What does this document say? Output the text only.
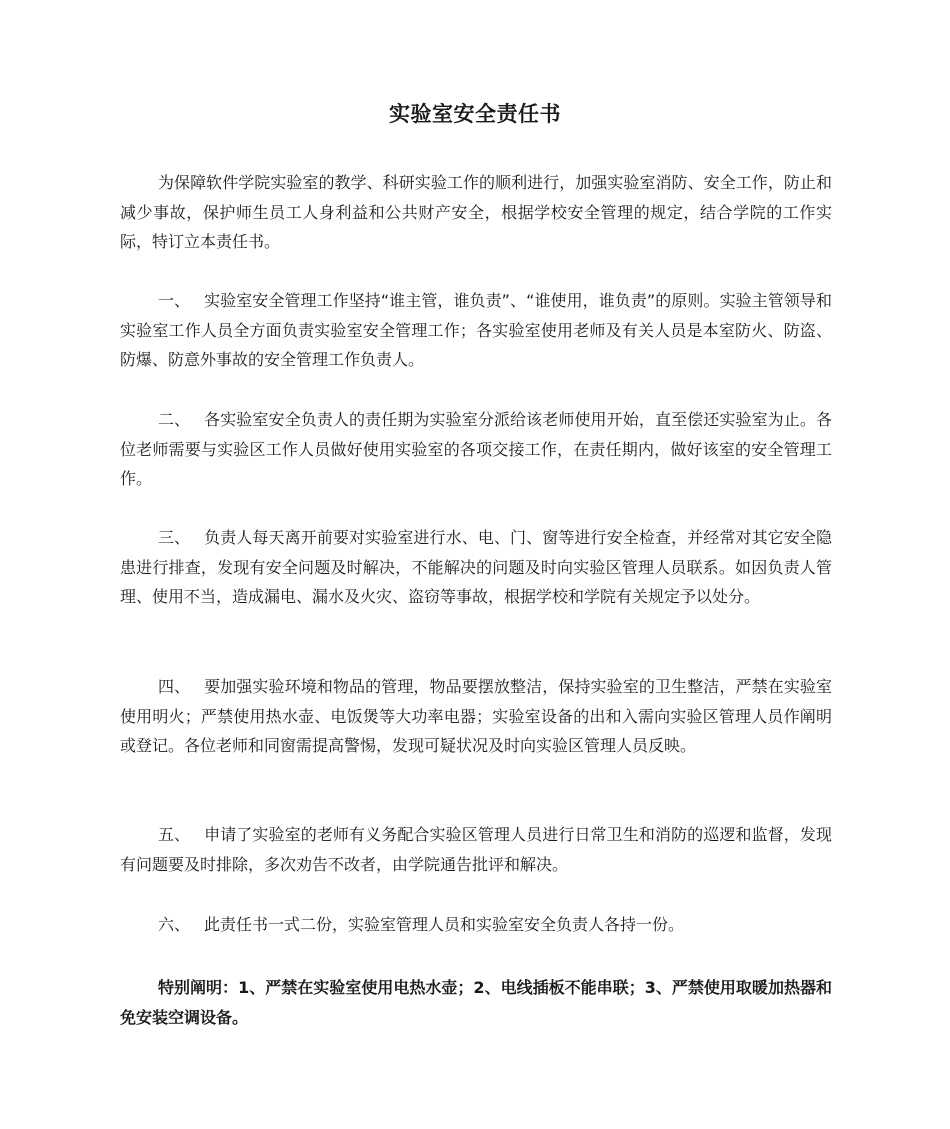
实验室安全责任书

为保障软件学院实验室的教学、科研实验工作的顺利进行，加强实验室消防、安全工作，防止和减少事故，保护师生员工人身利益和公共财产安全，根据学校安全管理的规定，结合学院的工作实际，特订立本责任书。

一、 实验室安全管理工作坚持“谁主管，谁负责”、“谁使用，谁负责”的原则。实验主管领导和实验室工作人员全方面负责实验室安全管理工作；各实验室使用老师及有关人员是本室防火、防盗、防爆、防意外事故的安全管理工作负责人。

二、 各实验室安全负责人的责任期为实验室分派给该老师使用开始，直至偿还实验室为止。各位老师需要与实验区工作人员做好使用实验室的各项交接工作，在责任期内，做好该室的安全管理工作。

三、 负责人每天离开前要对实验室进行水、电、门、窗等进行安全检查，并经常对其它安全隐患进行排查，发现有安全问题及时解决，不能解决的问题及时向实验区管理人员联系。如因负责人管理、使用不当，造成漏电、漏水及火灾、盗窃等事故，根据学校和学院有关规定予以处分。

四、 要加强实验环境和物品的管理，物品要摆放整洁，保持实验室的卫生整洁，严禁在实验室使用明火；严禁使用热水壶、电饭煲等大功率电器；实验室设备的出和入需向实验区管理人员作阐明或登记。各位老师和同窗需提高警惕，发现可疑状况及时向实验区管理人员反映。

五、 申请了实验室的老师有义务配合实验区管理人员进行日常卫生和消防的巡逻和监督，发现有问题要及时排除，多次劝告不改者，由学院通告批评和解决。

六、 此责任书一式二份，实验室管理人员和实验室安全负责人各持一份。

特别阐明：1、严禁在实验室使用电热水壶；2、电线插板不能串联；3、严禁使用取暖加热器和免安装空调设备。
